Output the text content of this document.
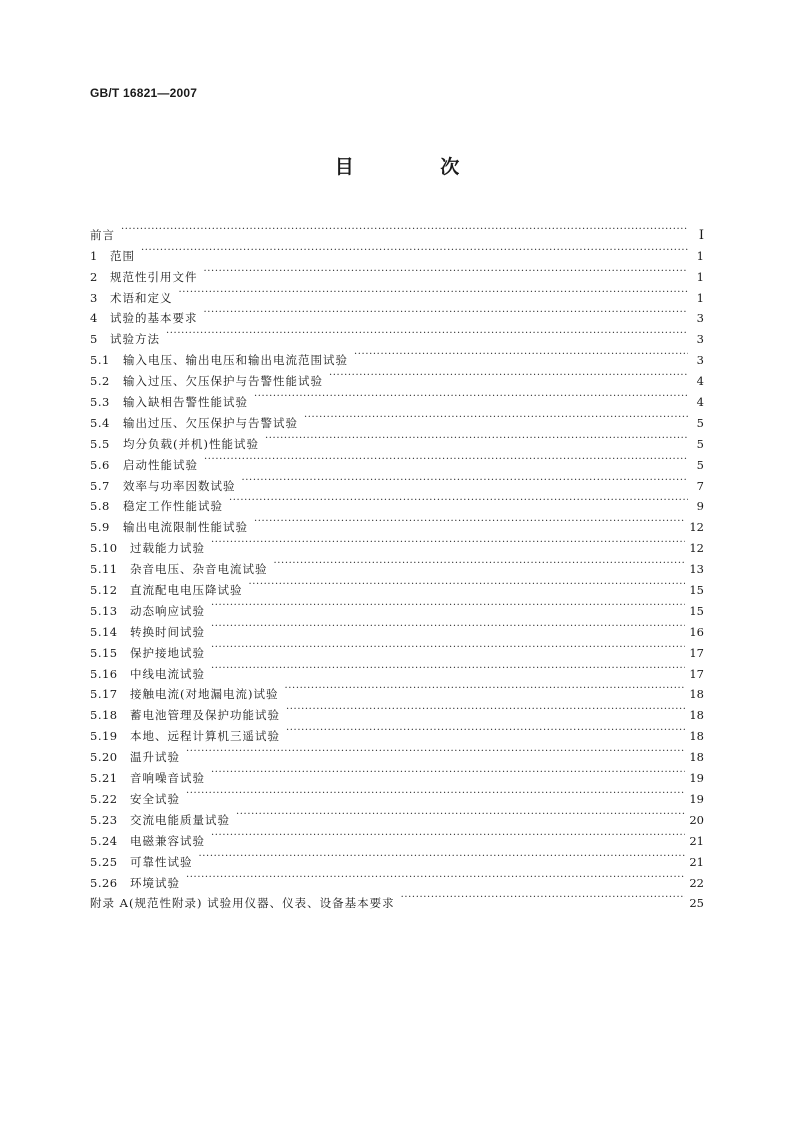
GB/T 16821—2007
目 次
前言 ·····	Ⅰ
1	范围 ·····	1
2	规范性引用文件 ·····	1
3	术语和定义 ·····	1
4	试验的基本要求 ·····	3
5	试验方法 ·····	3
5.1	输入电压、输出电压和输出电流范围试验 ·····	3
5.2	输入过压、欠压保护与告警性能试验 ·····	4
5.3	输入缺相告警性能试验 ·····	4
5.4	输出过压、欠压保护与告警试验 ·····	5
5.5	均分负载(并机)性能试验 ·····	5
5.6	启动性能试验 ·····	5
5.7	效率与功率因数试验 ·····	7
5.8	稳定工作性能试验 ·····	9
5.9	输出电流限制性能试验 ·····	12
5.10	过载能力试验 ·····	12
5.11	杂音电压、杂音电流试验 ·····	13
5.12	直流配电电压降试验 ·····	15
5.13	动态响应试验 ·····	15
5.14	转换时间试验 ·····	16
5.15	保护接地试验 ·····	17
5.16	中线电流试验 ·····	17
5.17	接触电流(对地漏电流)试验 ·····	18
5.18	蓄电池管理及保护功能试验 ·····	18
5.19	本地、远程计算机三遥试验 ·····	18
5.20	温升试验 ·····	18
5.21	音响噪音试验 ·····	19
5.22	安全试验 ·····	19
5.23	交流电能质量试验 ·····	20
5.24	电磁兼容试验 ·····	21
5.25	可靠性试验 ·····	21
5.26	环境试验 ·····	22
附录 A(规范性附录) 试验用仪器、仪表、设备基本要求 ·····	25
